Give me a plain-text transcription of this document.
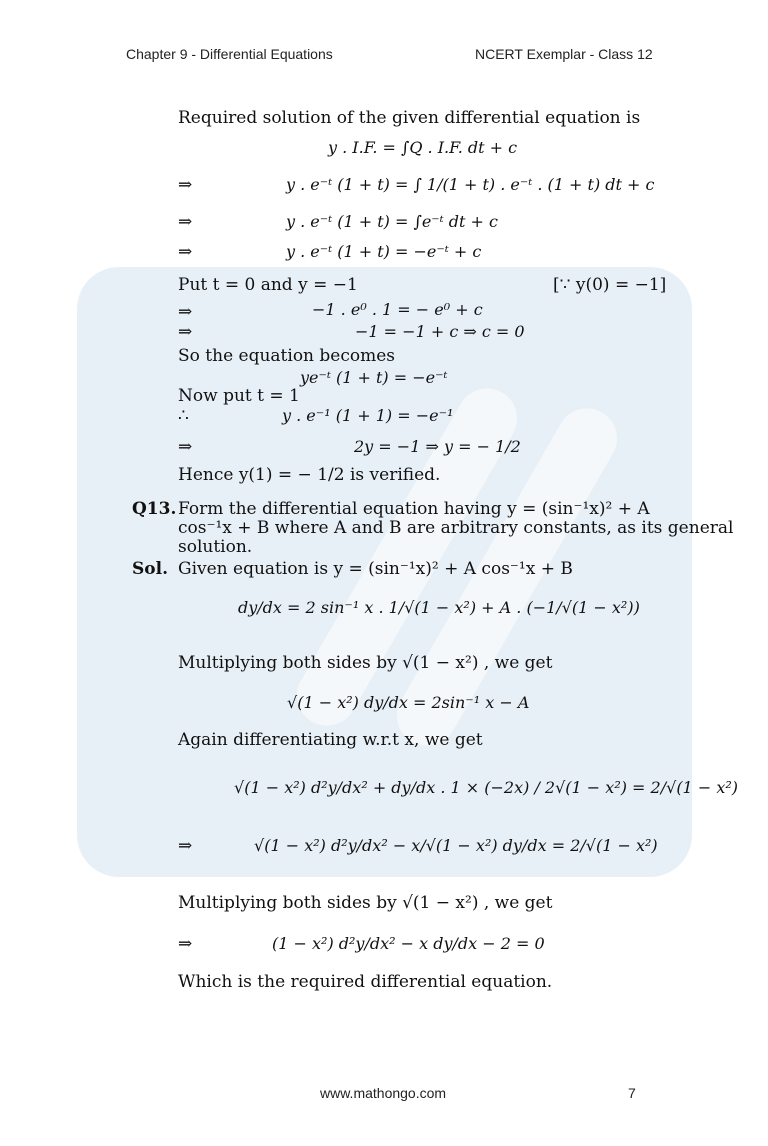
Chapter 9 - Differential Equations	NCERT Exemplar - Class 12
Required solution of the given differential equation is
y . I.F. = ∫Q . I.F. dt + c
⇒	y . e⁻ᵗ (1 + t) = ∫ 1/(1 + t) . e⁻ᵗ . (1 + t) dt + c
⇒	y . e⁻ᵗ (1 + t) = ∫e⁻ᵗ dt + c
⇒	y . e⁻ᵗ (1 + t) = −e⁻ᵗ + c
Put t = 0 and y = −1	[∵ y(0) = −1]
⇒	−1 . e⁰ . 1 = − e⁰ + c
⇒	−1 = −1 + c ⇒ c = 0
So the equation becomes
ye⁻ᵗ (1 + t) = −e⁻ᵗ
Now put t = 1
∴	y . e⁻¹ (1 + 1) = −e⁻¹
⇒	2y = −1 ⇒ y = − 1/2
Hence y(1) = − 1/2 is verified.
Q13. Form the differential equation having y = (sin⁻¹x)² + A
cos⁻¹x + B where A and B are arbitrary constants, as its general
solution.
Sol. Given equation is y = (sin⁻¹x)² + A cos⁻¹x + B
dy/dx = 2 sin⁻¹ x . 1/√(1 − x²) + A . (−1/√(1 − x²))
Multiplying both sides by √(1 − x²) , we get
√(1 − x²) dy/dx = 2sin⁻¹ x − A
Again differentiating w.r.t x, we get
√(1 − x²) d²y/dx² + dy/dx . 1 × (−2x) / 2√(1 − x²) = 2/√(1 − x²)
⇒	√(1 − x²) d²y/dx² − x/√(1 − x²) dy/dx = 2/√(1 − x²)
Multiplying both sides by √(1 − x²) , we get
⇒	(1 − x²) d²y/dx² − x dy/dx − 2 = 0
Which is the required differential equation.
www.mathongo.com	7
